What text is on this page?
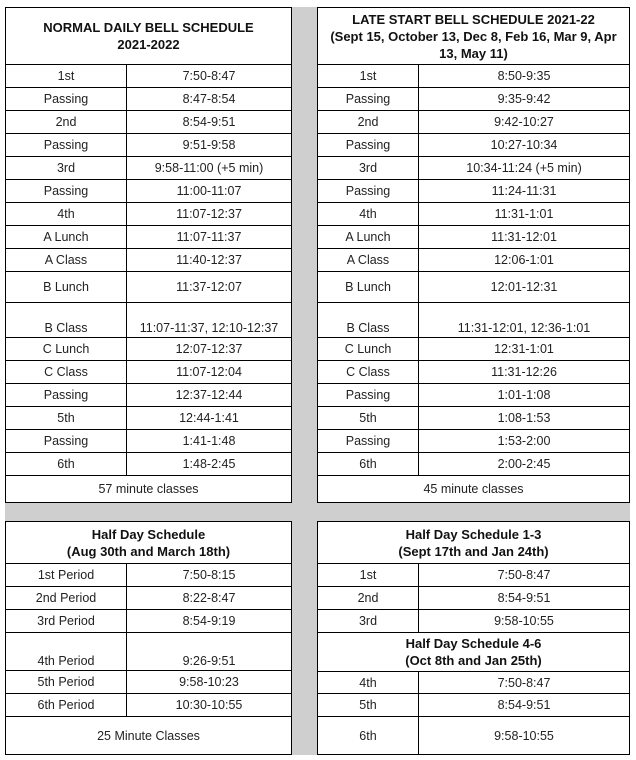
NORMAL DAILY BELL SCHEDULE
2021-2022
1st	7:50-8:47
Passing	8:47-8:54
2nd	8:54-9:51
Passing	9:51-9:58
3rd	9:58-11:00 (+5 min)
Passing	11:00-11:07
4th	11:07-12:37
A Lunch	11:07-11:37
A Class	11:40-12:37
B Lunch	11:37-12:07
B Class	11:07-11:37, 12:10-12:37
C Lunch	12:07-12:37
C Class	11:07-12:04
Passing	12:37-12:44
5th	12:44-1:41
Passing	1:41-1:48
6th	1:48-2:45
57 minute classes
LATE START BELL SCHEDULE 2021-22
(Sept 15, October 13, Dec 8, Feb 16, Mar 9, Apr
13, May 11)
1st	8:50-9:35
Passing	9:35-9:42
2nd	9:42-10:27
Passing	10:27-10:34
3rd	10:34-11:24 (+5 min)
Passing	11:24-11:31
4th	11:31-1:01
A Lunch	11:31-12:01
A Class	12:06-1:01
B Lunch	12:01-12:31
B Class	11:31-12:01, 12:36-1:01
C Lunch	12:31-1:01
C Class	11:31-12:26
Passing	1:01-1:08
5th	1:08-1:53
Passing	1:53-2:00
6th	2:00-2:45
45 minute classes
Half Day Schedule
(Aug 30th and March 18th)
1st Period	7:50-8:15
2nd Period	8:22-8:47
3rd Period	8:54-9:19
4th Period	9:26-9:51
5th Period	9:58-10:23
6th Period	10:30-10:55
25 Minute Classes
Half Day Schedule 1-3
(Sept 17th and Jan 24th)
1st	7:50-8:47
2nd	8:54-9:51
3rd	9:58-10:55
Half Day Schedule 4-6
(Oct 8th and Jan 25th)
4th	7:50-8:47
5th	8:54-9:51
6th	9:58-10:55
